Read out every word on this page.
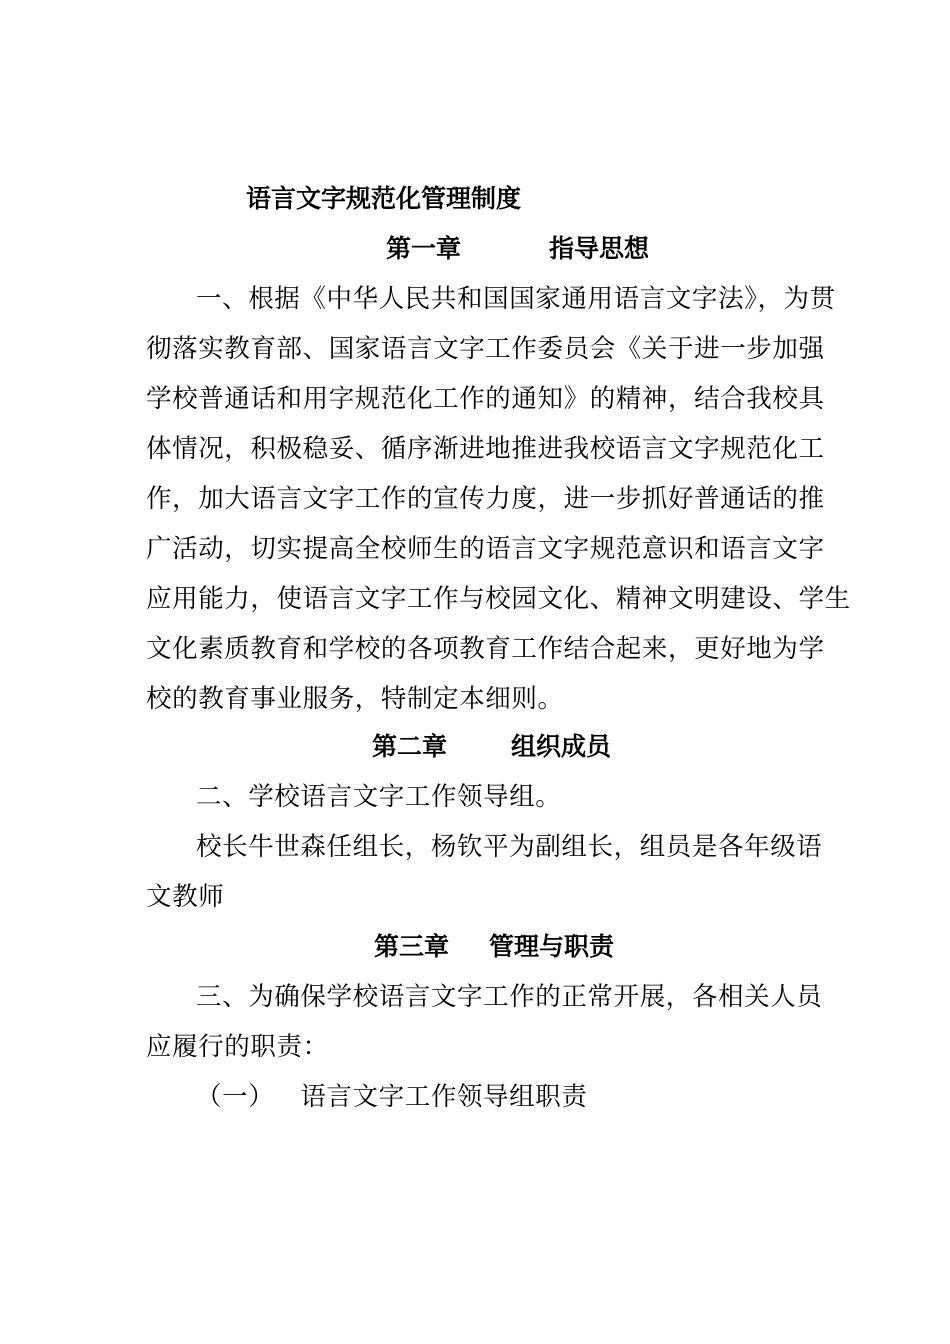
语言文字规范化管理制度
第一章	指导思想
一、根据《中华人民共和国国家通用语言文字法》，为贯
彻落实教育部、国家语言文字工作委员会《关于进一步加强
学校普通话和用字规范化工作的通知》的精神，结合我校具
体情况，积极稳妥、循序渐进地推进我校语言文字规范化工
作，加大语言文字工作的宣传力度，进一步抓好普通话的推
广活动，切实提高全校师生的语言文字规范意识和语言文字
应用能力，使语言文字工作与校园文化、精神文明建设、学生
文化素质教育和学校的各项教育工作结合起来，更好地为学
校的教育事业服务，特制定本细则。
第二章	组织成员
二、学校语言文字工作领导组。
校长牛世森任组长，杨钦平为副组长，组员是各年级语
文教师
第三章 管理与职责
三、为确保学校语言文字工作的正常开展，各相关人员
应履行的职责：
（一） 语言文字工作领导组职责
